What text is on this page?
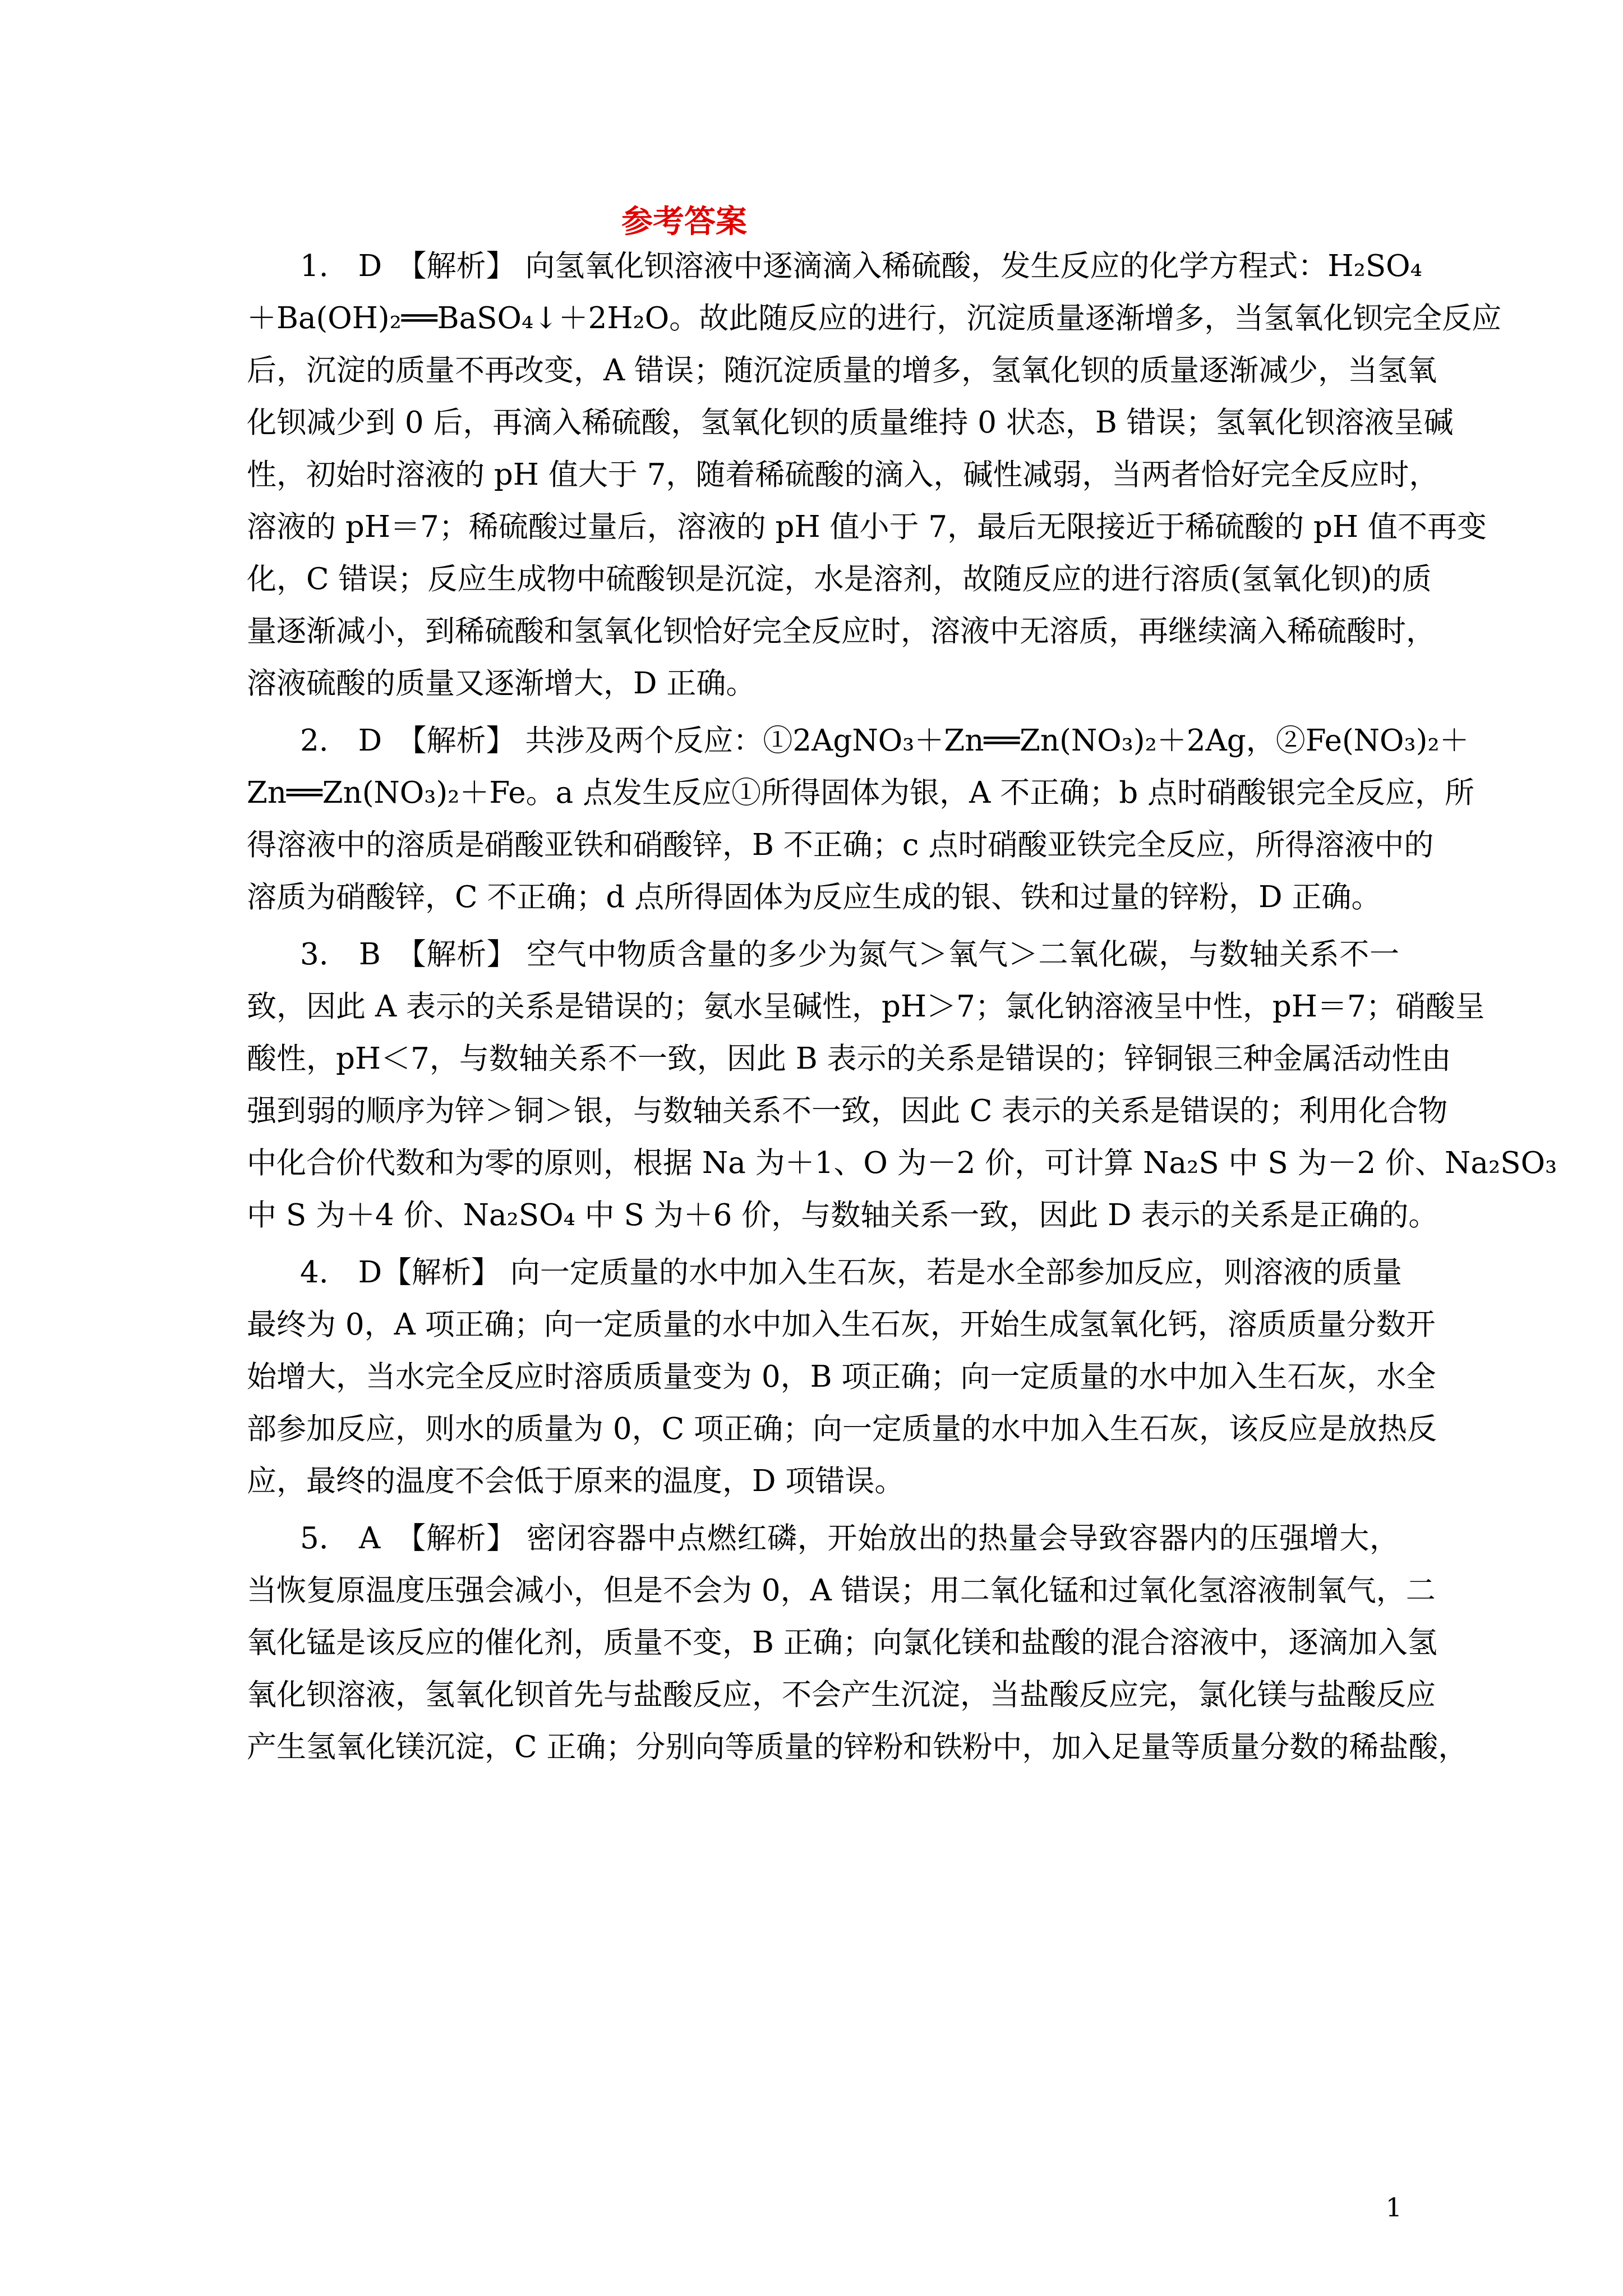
参考答案
1.　D　【解析】 向氢氧化钡溶液中逐滴滴入稀硫酸，发生反应的化学方程式：H₂SO₄
＋Ba(OH)₂══BaSO₄↓＋2H₂O。故此随反应的进行，沉淀质量逐渐增多，当氢氧化钡完全反应
后，沉淀的质量不再改变，A 错误；随沉淀质量的增多，氢氧化钡的质量逐渐减少，当氢氧
化钡减少到 0 后，再滴入稀硫酸，氢氧化钡的质量维持 0 状态，B 错误；氢氧化钡溶液呈碱
性，初始时溶液的 pH 值大于 7，随着稀硫酸的滴入，碱性减弱，当两者恰好完全反应时，
溶液的 pH＝7；稀硫酸过量后，溶液的 pH 值小于 7，最后无限接近于稀硫酸的 pH 值不再变
化，C 错误；反应生成物中硫酸钡是沉淀，水是溶剂，故随反应的进行溶质(氢氧化钡)的质
量逐渐减小，到稀硫酸和氢氧化钡恰好完全反应时，溶液中无溶质，再继续滴入稀硫酸时，
溶液硫酸的质量又逐渐增大，D 正确。
2.　D　【解析】 共涉及两个反应：①2AgNO₃＋Zn══Zn(NO₃)₂＋2Ag，②Fe(NO₃)₂＋
Zn══Zn(NO₃)₂＋Fe。a 点发生反应①所得固体为银，A 不正确；b 点时硝酸银完全反应，所
得溶液中的溶质是硝酸亚铁和硝酸锌，B 不正确；c 点时硝酸亚铁完全反应，所得溶液中的
溶质为硝酸锌，C 不正确；d 点所得固体为反应生成的银、铁和过量的锌粉，D 正确。
3.　B　【解析】 空气中物质含量的多少为氮气＞氧气＞二氧化碳，与数轴关系不一
致，因此 A 表示的关系是错误的；氨水呈碱性，pH＞7；氯化钠溶液呈中性，pH＝7；硝酸呈
酸性，pH＜7，与数轴关系不一致，因此 B 表示的关系是错误的；锌铜银三种金属活动性由
强到弱的顺序为锌＞铜＞银，与数轴关系不一致，因此 C 表示的关系是错误的；利用化合物
中化合价代数和为零的原则，根据 Na 为＋1、O 为－2 价，可计算 Na₂S 中 S 为－2 价、Na₂SO₃
中 S 为＋4 价、Na₂SO₄ 中 S 为＋6 价，与数轴关系一致，因此 D 表示的关系是正确的。
4.　D【解析】 向一定质量的水中加入生石灰，若是水全部参加反应，则溶液的质量
最终为 0，A 项正确；向一定质量的水中加入生石灰，开始生成氢氧化钙，溶质质量分数开
始增大，当水完全反应时溶质质量变为 0，B 项正确；向一定质量的水中加入生石灰，水全
部参加反应，则水的质量为 0，C 项正确；向一定质量的水中加入生石灰，该反应是放热反
应，最终的温度不会低于原来的温度，D 项错误。
5.　A　【解析】 密闭容器中点燃红磷，开始放出的热量会导致容器内的压强增大，
当恢复原温度压强会减小，但是不会为 0，A 错误；用二氧化锰和过氧化氢溶液制氧气，二
氧化锰是该反应的催化剂，质量不变，B 正确；向氯化镁和盐酸的混合溶液中，逐滴加入氢
氧化钡溶液，氢氧化钡首先与盐酸反应，不会产生沉淀，当盐酸反应完，氯化镁与盐酸反应
产生氢氧化镁沉淀，C 正确；分别向等质量的锌粉和铁粉中，加入足量等质量分数的稀盐酸，
1
